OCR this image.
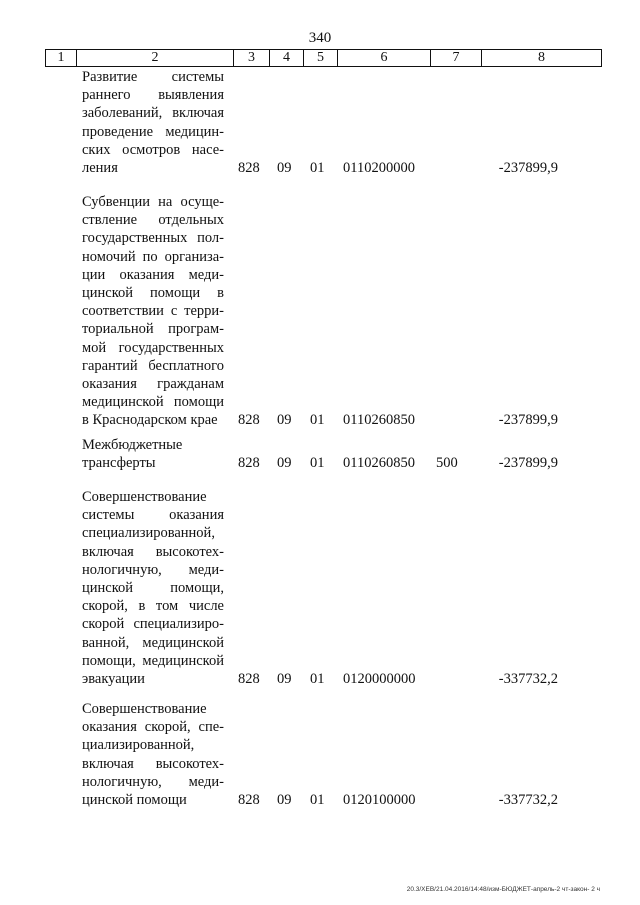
340
1	2	3	4	5	6	7	8
Развитие системы
раннего выявления
заболеваний, включая
проведение медицин-
ских осмотров насе-
ления	828 09 01 0110200000	-237899,9
Субвенции на осуще-
ствление отдельных
государственных пол-
номочий по организа-
ции оказания меди-
цинской помощи в
соответствии с терри-
ториальной програм-
мой государственных
гарантий бесплатного
оказания гражданам
медицинской помощи
в Краснодарском крае	828 09 01 0110260850	-237899,9
Межбюджетные
трансферты	828 09 01 0110260850 500	-237899,9
Совершенствование
системы оказания
специализированной,
включая высокотех-
нологичную, меди-
цинской помощи,
скорой, в том числе
скорой специализиро-
ванной, медицинской
помощи, медицинской
эвакуации	828 09 01 0120000000	-337732,2
Совершенствование
оказания скорой, спе-
циализированной,
включая высокотех-
нологичную, меди-
цинской помощи	828 09 01 0120100000	-337732,2
20.3/ХЕВ/21.04.2016/14:48/изм-БЮДЖЕТ-апрель-2 чт-закон- 2 ч
